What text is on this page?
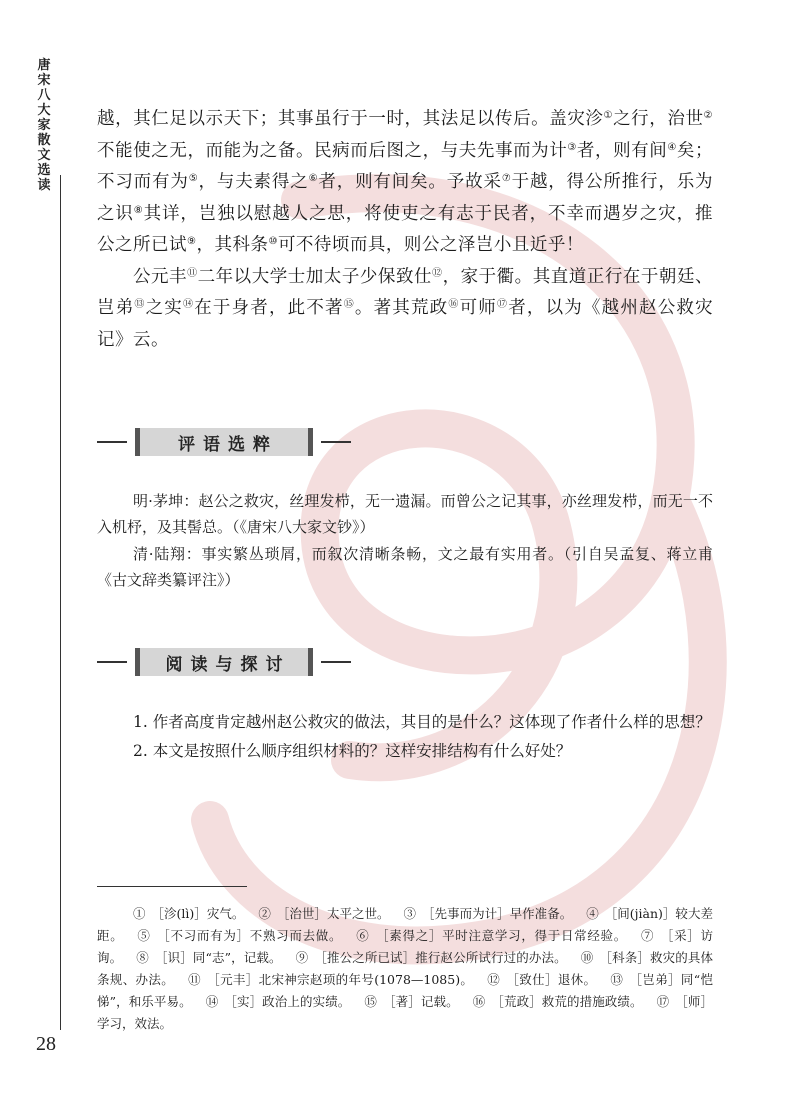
唐宋八大家散文选读

越，其仁足以示天下；其事虽行于一时，其法足以传后。盖灾沴①之行，治世②不能使之无，而能为之备。民病而后图之，与夫先事而为计③者，则有间④矣；不习而有为⑤，与夫素得之⑥者，则有间矣。予故采⑦于越，得公所推行，乐为之识⑧其详，岂独以慰越人之思，将使吏之有志于民者，不幸而遇岁之灾，推公之所已试⑨，其科条⑩可不待顷而具，则公之泽岂小且近乎！

公元丰⑪二年以大学士加太子少保致仕⑫，家于衢。其直道正行在于朝廷、岂弟⑬之实⑭在于身者，此不著⑮。著其荒政⑯可师⑰者，以为《越州赵公救灾记》云。

评语选粹

明·茅坤：赵公之救灾，丝理发栉，无一遗漏。而曾公之记其事，亦丝理发栉，而无一不入机杼，及其髻总。（《唐宋八大家文钞》）

清·陆翔：事实繁丛琐屑，而叙次清晰条畅，文之最有实用者。（引自吴孟复、蒋立甫《古文辞类纂评注》）

阅读与探讨

1. 作者高度肯定越州赵公救灾的做法，其目的是什么？这体现了作者什么样的思想？

2. 本文是按照什么顺序组织材料的？这样安排结构有什么好处？

① ［沴(lì)］灾气。 ② ［治世］太平之世。 ③ ［先事而为计］早作准备。 ④ ［间(jiàn)］较大差距。 ⑤ ［不习而有为］不熟习而去做。 ⑥ ［素得之］平时注意学习，得于日常经验。 ⑦ ［采］访询。 ⑧ ［识］同“志”，记载。 ⑨ ［推公之所已试］推行赵公所试行过的办法。 ⑩ ［科条］救灾的具体条规、办法。 ⑪ ［元丰］北宋神宗赵顼的年号(1078—1085)。 ⑫ ［致仕］退休。 ⑬ ［岂弟］同“恺悌”，和乐平易。 ⑭ ［实］政治上的实绩。 ⑮ ［著］记载。 ⑯ ［荒政］救荒的措施政绩。 ⑰ ［师］学习，效法。

28
